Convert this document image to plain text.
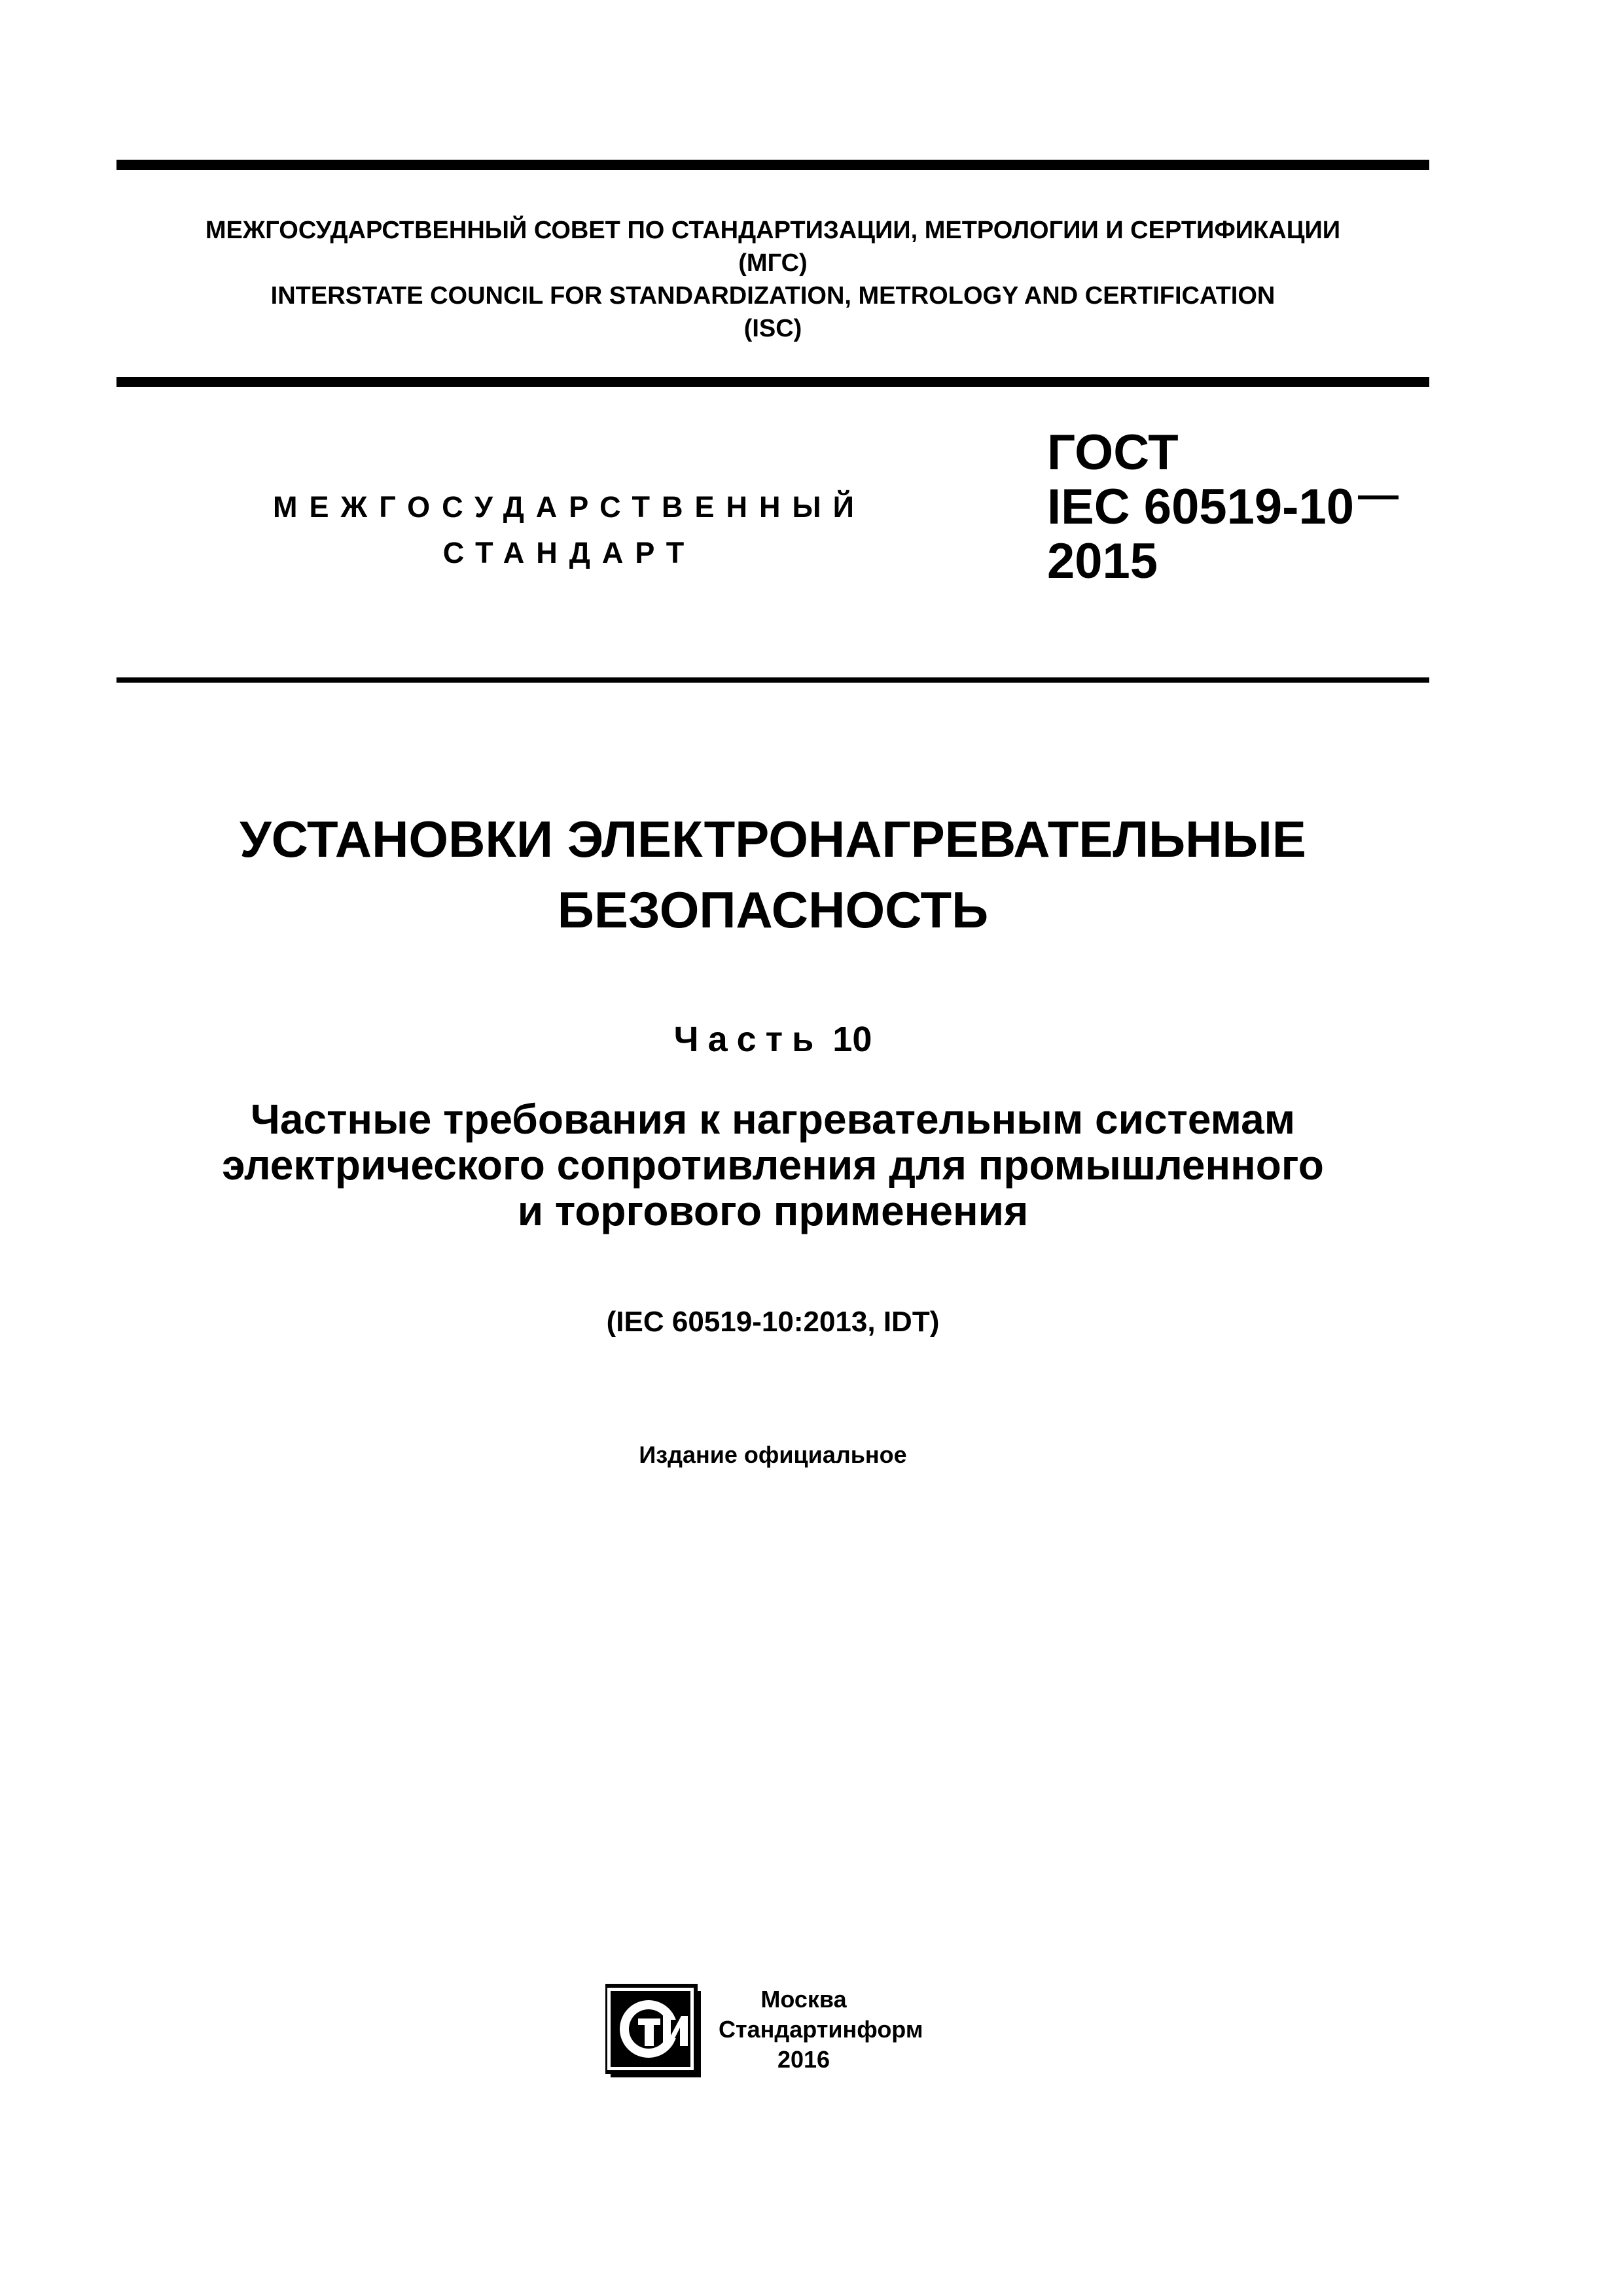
МЕЖГОСУДАРСТВЕННЫЙ СОВЕТ ПО СТАНДАРТИЗАЦИИ, МЕТРОЛОГИИ И СЕРТИФИКАЦИИ
(МГС)
INTERSTATE COUNCIL FOR STANDARDIZATION, METROLOGY AND CERTIFICATION
(ISC)
МЕЖГОСУДАРСТВЕННЫЙ
СТАНДАРТ
ГОСТ
IEC 60519-10
2015
УСТАНОВКИ ЭЛЕКТРОНАГРЕВАТЕЛЬНЫЕ
БЕЗОПАСНОСТЬ
Часть 10
Частные требования к нагревательным системам
электрического сопротивления для промышленного
и торгового применения
(IEC 60519-10:2013, IDT)
Издание официальное
Москва
Стандартинформ
2016
